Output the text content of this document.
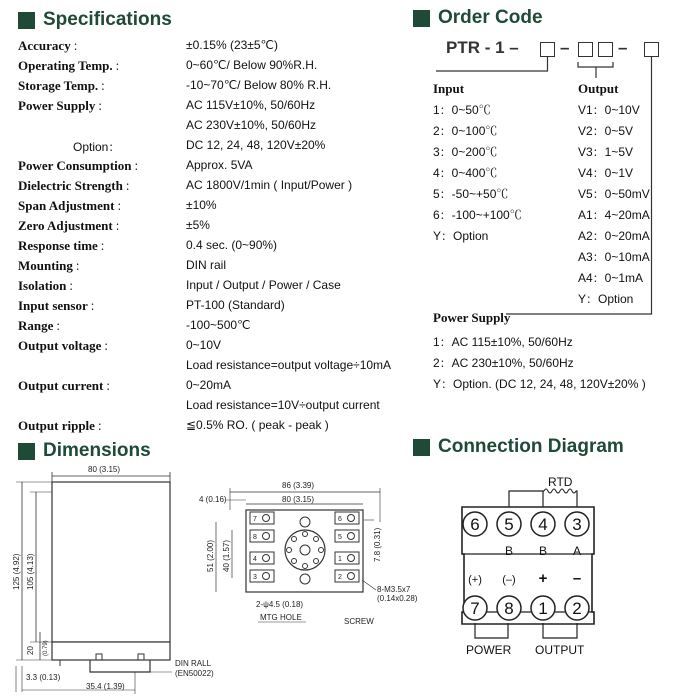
Specifications
Accuracy ：	±0.15% (23±5℃)
Operating Temp. ：	0~60℃/ Below 90%R.H.
Storage Temp. ：	-10~70℃/ Below 80% R.H.
Power Supply ：	AC 115V±10%, 50/60Hz
AC 230V±10%, 50/60Hz
Option：	DC 12, 24, 48, 120V±20%
Power Consumption ：	Approx. 5VA
Dielectric Strength ：	AC 1800V/1min ( Input/Power )
Span Adjustment ：	±10%
Zero Adjustment ：	±5%
Response time ：	0.4 sec. (0~90%)
Mounting ：	DIN rail
Isolation ：	Input / Output / Power / Case
Input sensor ：	PT-100 (Standard)
Range ：	-100~500℃
Output voltage ：	0~10V
Load resistance=output voltage÷10mA
Output current ：	0~20mA
Load resistance=10V÷output current
Output ripple ：	≦0.5% RO. ( peak - peak )
Order Code
PTR - 1 – –	–
Input	Output
1：0~50℃
2：0~100℃
3：0~200℃
4：0~400℃
5：-50~+50℃
6：-100~+100℃
Y：Option
V1：0~10V
V2：0~5V
V3：1~5V
V4：0~1V
V5：0~50mV
A1：4~20mA
A2：0~20mA
A3：0~10mA
A4：0~1mA
Y：Option
Power Supply
1：AC 115±10%, 50/60Hz
2：AC 230±10%, 50/60Hz
Y：Option. (DC 12, 24, 48, 120V±20% )
Dimensions
80 (3.15)
125 (4.92) 105 (4.13)
20 (0.79)
3.3 (0.13)
35.4 (1.39)
DIN RALL
(EN50022)
86 (3.39)
80 (3.15)
4 (0.16)
51 (2.00) 40 (1.57)	7.8 (0.31)
7	6
8	5
4	1
3	2
2-ψ4.5 (0.18)
MTG HOLE
8-M3.5x7
(0.14x0.28)
SCREW
Connection Diagram
RTD
6 5 4 3
7 8 1 2
B B A
(+) (–) + –
POWER OUTPUT
